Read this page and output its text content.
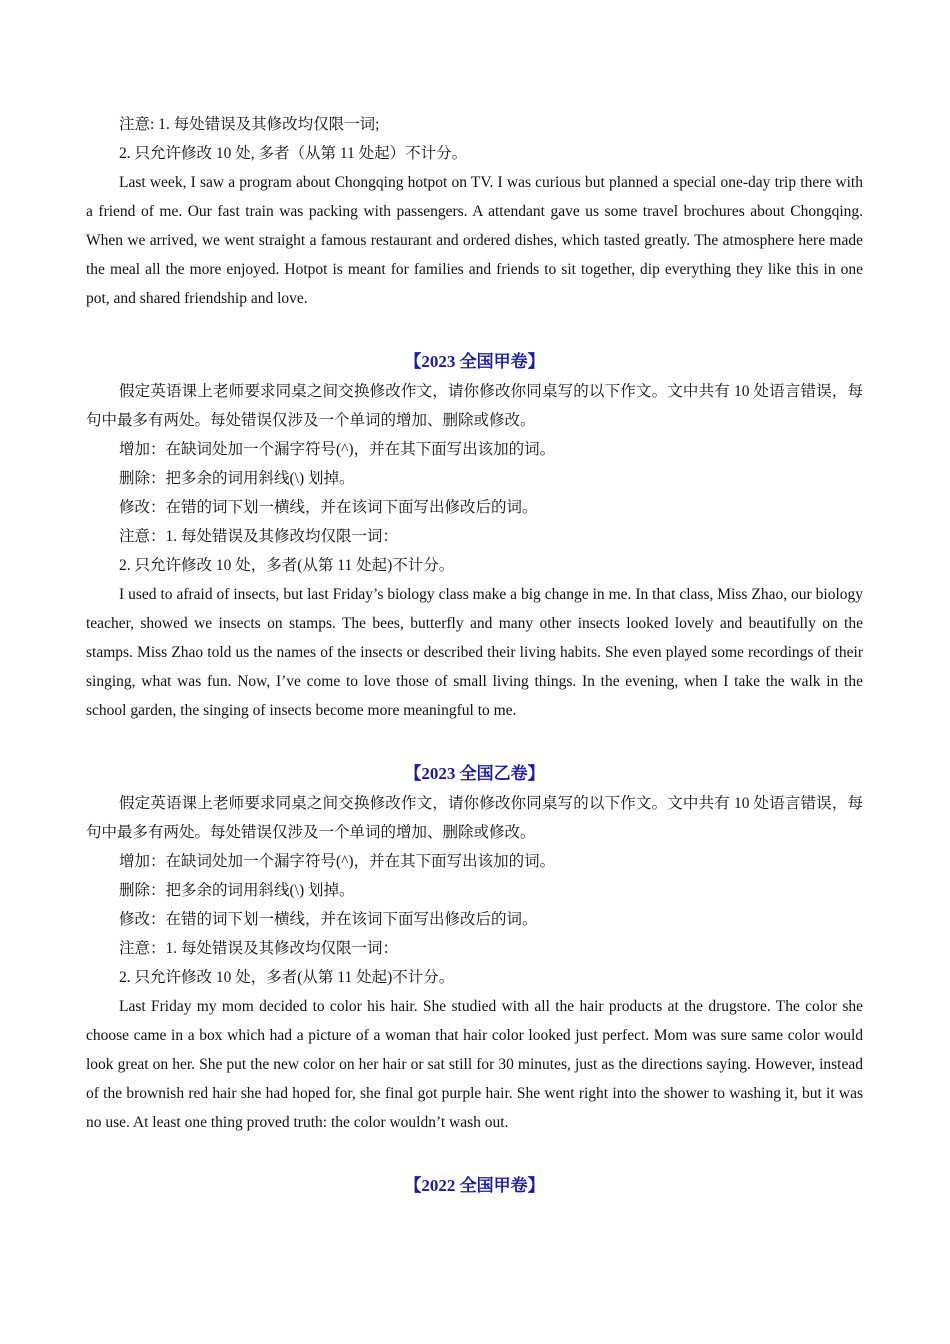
注意: 1. 每处错误及其修改均仅限一词;

2. 只允许修改 10 处, 多者（从第 11 处起）不计分。

Last week, I saw a program about Chongqing hotpot on TV. I was curious but planned a special one-day trip there with a friend of me. Our fast train was packing with passengers. A attendant gave us some travel brochures about Chongqing. When we arrived, we went straight a famous restaurant and ordered dishes, which tasted greatly. The atmosphere here made the meal all the more enjoyed. Hotpot is meant for families and friends to sit together, dip everything they like this in one pot, and shared friendship and love.

【2023 全国甲卷】

假定英语课上老师要求同桌之间交换修改作文，请你修改你同桌写的以下作文。文中共有 10 处语言错误，每句中最多有两处。每处错误仅涉及一个单词的增加、删除或修改。

增加：在缺词处加一个漏字符号(^)，并在其下面写出该加的词。

删除：把多余的词用斜线(\) 划掉。

修改：在错的词下划一横线，并在该词下面写出修改后的词。

注意：1. 每处错误及其修改均仅限一词：

2. 只允许修改 10 处，多者(从第 11 处起)不计分。

I used to afraid of insects, but last Friday’s biology class make a big change in me. In that class, Miss Zhao, our biology teacher, showed we insects on stamps. The bees, butterfly and many other insects looked lovely and beautifully on the stamps. Miss Zhao told us the names of the insects or described their living habits. She even played some recordings of their singing, what was fun. Now, I’ve come to love those of small living things. In the evening, when I take the walk in the school garden, the singing of insects become more meaningful to me.

【2023 全国乙卷】

假定英语课上老师要求同桌之间交换修改作文，请你修改你同桌写的以下作文。文中共有 10 处语言错误，每句中最多有两处。每处错误仅涉及一个单词的增加、删除或修改。

增加：在缺词处加一个漏字符号(^)，并在其下面写出该加的词。

删除：把多余的词用斜线(\) 划掉。

修改：在错的词下划一横线，并在该词下面写出修改后的词。

注意：1. 每处错误及其修改均仅限一词：

2. 只允许修改 10 处，多者(从第 11 处起)不计分。

Last Friday my mom decided to color his hair. She studied with all the hair products at the drugstore. The color she choose came in a box which had a picture of a woman that hair color looked just perfect. Mom was sure same color would look great on her. She put the new color on her hair or sat still for 30 minutes, just as the directions saying. However, instead of the brownish red hair she had hoped for, she final got purple hair. She went right into the shower to washing it, but it was no use. At least one thing proved truth: the color wouldn’t wash out.

【2022 全国甲卷】
